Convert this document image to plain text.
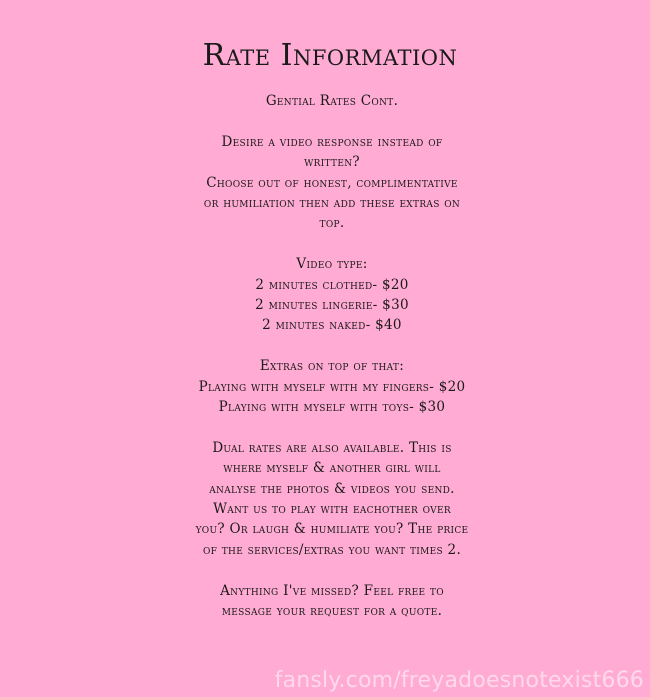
Rate Information
Gential Rates Cont.
Desire a video response instead of
written?
Choose out of honest, complimentative
or humiliation then add these extras on
top.
Video type:
2 minutes clothed- $20
2 minutes lingerie- $30
2 minutes naked- $40
Extras on top of that:
Playing with myself with my fingers- $20
Playing with myself with toys- $30
Dual rates are also available. This is
where myself & another girl will
analyse the photos & videos you send.
Want us to play with eachother over
you? Or laugh & humiliate you? The price
of the services/extras you want times 2.
Anything I've missed? Feel free to
message your request for a quote.
fansly.com/freyadoesnotexist666
